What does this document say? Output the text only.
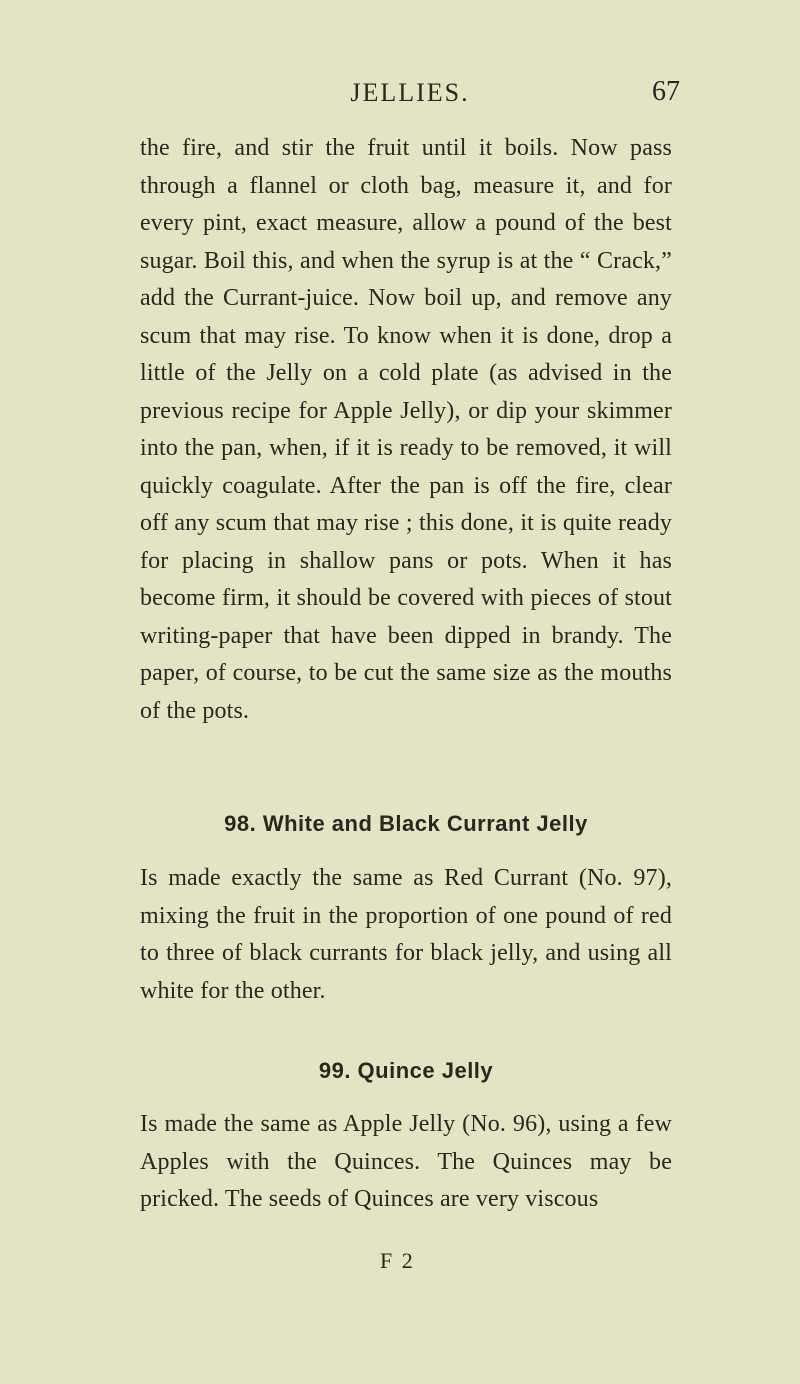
JELLIES.	67

the fire, and stir the fruit until it boils. Now pass through a flannel or cloth bag, measure it, and for every pint, exact measure, allow a pound of the best sugar. Boil this, and when the syrup is at the “ Crack,” add the Currant-juice. Now boil up, and remove any scum that may rise. To know when it is done, drop a little of the Jelly on a cold plate (as advised in the previous recipe for Apple Jelly), or dip your skimmer into the pan, when, if it is ready to be removed, it will quickly coagulate. After the pan is off the fire, clear off any scum that may rise ; this done, it is quite ready for placing in shallow pans or pots. When it has become firm, it should be covered with pieces of stout writing-paper that have been dipped in brandy. The paper, of course, to be cut the same size as the mouths of the pots.

98. White and Black Currant Jelly

Is made exactly the same as Red Currant (No. 97), mixing the fruit in the proportion of one pound of red to three of black currants for black jelly, and using all white for the other.

99. Quince Jelly

Is made the same as Apple Jelly (No. 96), using a few Apples with the Quinces. The Quinces may be pricked. The seeds of Quinces are very viscous

F 2
